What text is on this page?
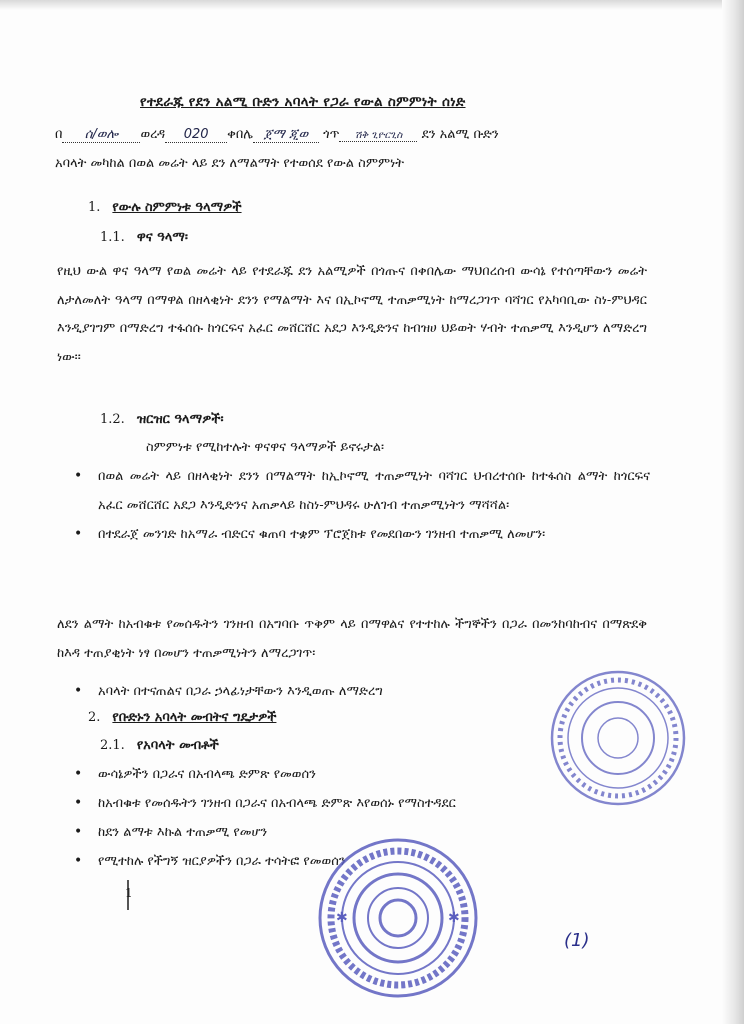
የተደራጁ የደን አልሚ ቡድን አባላት የጋራ የውል ስምምነት ሰነድ
በ ሰ/ወሎ ወረዳ 020 ቀበሌ ጀማ ጂወ ጎጥ ሽቅ ጊዮርጊስ ደን አልሚ ቡድን
አባላት መካከል በወል መሬት ላይ ደን ለማልማት የተወሰደ የውል ስምምነት
1. የውሉ ስምምነቱ ዓላማዎች
1.1. ዋና ዓላማ፡
የዚህ ውል ዋና ዓላማ የወል መሬት ላይ የተደራጁ ደን አልሚዎች በጎጡና በቀበሌው ማህበረሰብ ውሳኔ የተሰጣቸውን መሬት ለታለመለት ዓላማ በማዋል በዘላቂነት ደንን የማልማት እና በኢኮኖሚ ተጠቃሚነት ከማረጋገጥ ባሻገር የአካባቢው ስነ-ምህዳር እንዲያገግም በማድረግ ተፋሰሱ ከጎርፍና አፈር መሸርሸር አደጋ እንዲድንና ከብዝሀ ህይወት ሃብት ተጠቃሚ እንዲሆን ለማድረግ ነው፡፡
1.2. ዝርዝር ዓላማዎች፡
ስምምነቱ የሚከተሉት ዋናዋና ዓላማዎች ይኖሩታል፡
• በወል መሬት ላይ በዘላቂነት ደንን በማልማት ከኢኮኖሚ ተጠቃሚነት ባሻገር ህብረተሰቡ ከተፋሰስ ልማት ከጎርፍና አፈር መሸርሸር አደጋ እንዲድንና አጠቃላይ ከስነ-ምህዳሩ ሁለገብ ተጠቃሚነትን ማሻሻል፡
• በተደራጀ መንገድ ከአማራ ብድርና ቁጠባ ተቋም ፕሮጀክቱ የመደበውን ገንዘብ ተጠቃሚ ለመሆን፡
ለደን ልማት ከአብቁቱ የመሰዱትን ገንዘብ በአግባቡ ጥቅም ላይ በማዋልና የተተከሉ ችግኞችን በጋራ በመንከባከብና በማጽደቅ ከእዳ ተጠያቂነት ነፃ በመሆን ተጠቃሚነትን ለማረጋገጥ፡
• አባላት በተናጠልና በጋራ ኃላፊነታቸውን እንዲወጡ ለማድረግ
2. የቡድኑን አባላት መብትና ግዴታዎች
2.1. የአባላት መብቶች
• ውሳኔዎችን በጋራና በአብላጫ ድምጽ የመወሰን
• ከአብቁቱ የመሰዱትን ገንዘብ በጋራና በአብላጫ ድምጽ እየወሰኑ የማስተዳደር
• ከደን ልማቱ እኩል ተጠቃሚ የመሆን
• የሚተከሉ የችግኝ ዝርያዎችን በጋራ ተሳትፎ የመወሰን
✱	✱
1
(1)
